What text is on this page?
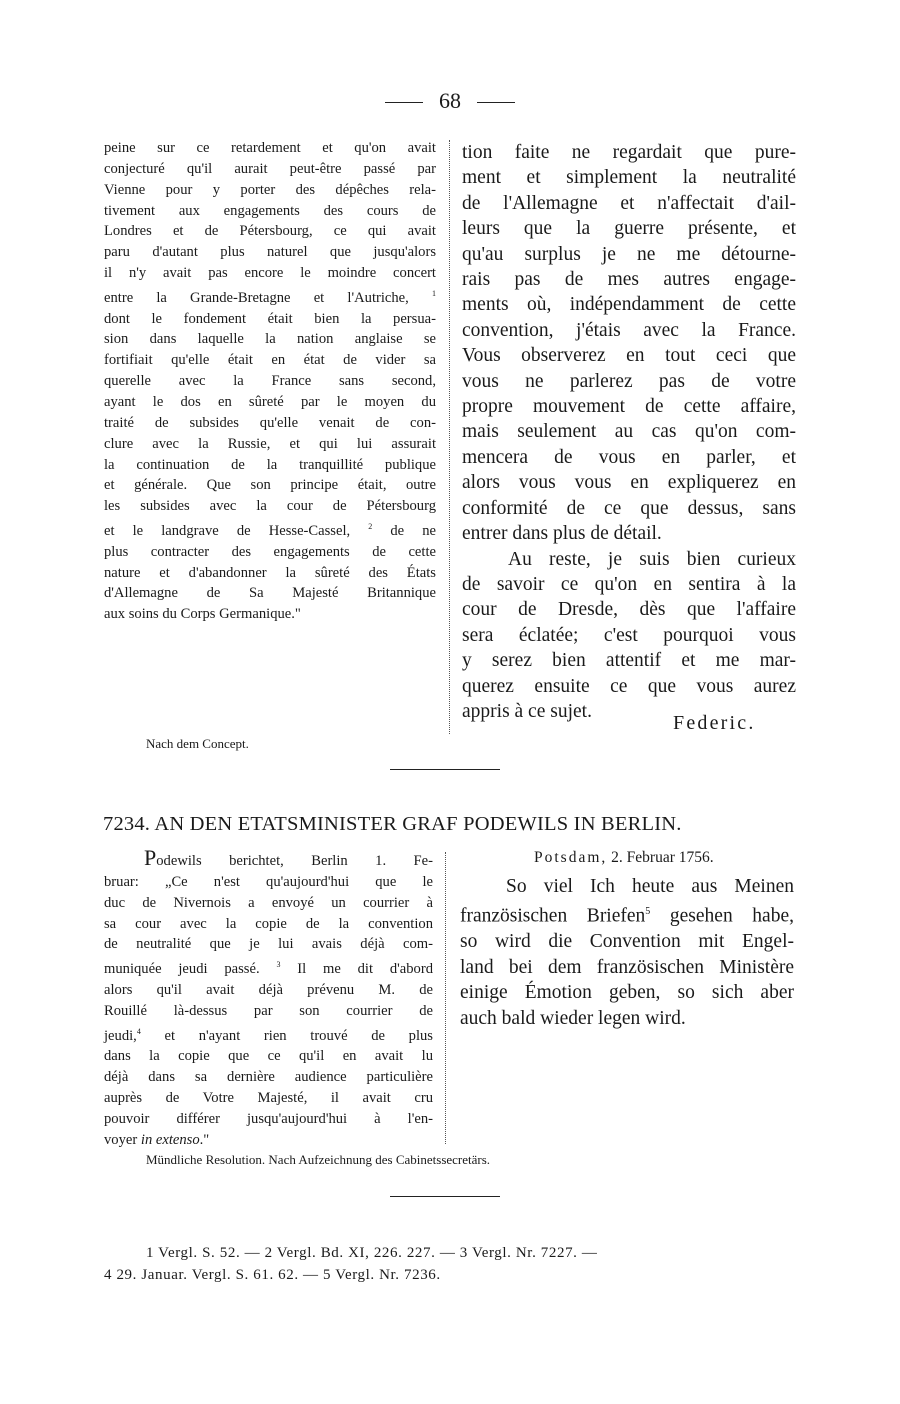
68
peine sur ce retardement et qu'on avait
conjecturé qu'il aurait peut-être passé par
Vienne pour y porter des dépêches rela-
tivement aux engagements des cours de
Londres et de Pétersbourg, ce qui avait
paru d'autant plus naturel que jusqu'alors
il n'y avait pas encore le moindre concert
entre la Grande-Bretagne et l'Autriche,	$^1$
dont le fondement était bien la persua-
sion dans laquelle la nation anglaise se
fortifiait qu'elle était en état de vider sa
querelle avec la France sans second,
ayant le dos en sûreté par le moyen du
traité de subsides qu'elle venait de con-
clure avec la Russie, et qui lui assurait
la continuation de la tranquillité publique
et générale. Que son principe était, outre
les subsides avec la cour de Pétersbourg
et le landgrave de Hesse-Cassel, $^2$ de ne
plus contracter des engagements de cette
nature et d'abandonner la sûreté des États
d'Allemagne de Sa Majesté Britannique
aux soins du Corps Germanique."
tion faite ne regardait que pure-
ment et simplement la neutralité
de l'Allemagne et n'affectait d'ail-
leurs que la guerre présente, et
qu'au surplus je ne me détourne-
rais pas de mes autres engage-
ments où, indépendamment de cette
convention, j'étais avec la France.
Vous observerez en tout ceci que
vous ne parlerez pas de votre
propre mouvement de cette affaire,
mais seulement au cas qu'on com-
mencera de vous en parler, et
alors vous vous en expliquerez en
conformité de ce que dessus, sans
entrer dans plus de détail.
Au reste, je suis bien curieux
de savoir ce qu'on en sentira à la
cour de Dresde, dès que l'affaire
sera éclatée; c'est pourquoi vous
y serez bien attentif et me mar-
querez ensuite ce que vous aurez
appris à ce sujet.
Federic.
Nach dem Concept.
7234. AN DEN ETATSMINISTER GRAF PODEWILS IN BERLIN.
Podewils berichtet, Berlin 1. Fe-
bruar: „Ce n'est qu'aujourd'hui que le
duc de Nivernois a envoyé un courrier à
sa cour avec la copie de la convention
de neutralité que je lui avais déjà com-
muniquée jeudi passé. $^3$ Il me dit d'abord
alors qu'il avait déjà prévenu M. de
Rouillé là-dessus par son courrier de
jeudi,$^4$ et n'ayant rien trouvé de plus
dans la copie que ce qu'il en avait lu
déjà dans sa dernière audience particulière
auprès de Votre Majesté, il avait cru
pouvoir différer jusqu'aujourd'hui à l'en-
voyer in extenso."
Potsdam, 2. Februar 1756.
So viel Ich heute aus Meinen
französischen Briefen$^5$ gesehen habe,
so wird die Convention mit Engel-
land bei dem französischen Ministère
einige Émotion geben, so sich aber
auch bald wieder legen wird.
Mündliche Resolution. Nach Aufzeichnung des Cabinetssecretärs.
1 Vergl. S. 52. — 2 Vergl. Bd. XI, 226. 227. — 3 Vergl. Nr. 7227. —
4 29. Januar. Vergl. S. 61. 62. — 5 Vergl. Nr. 7236.
